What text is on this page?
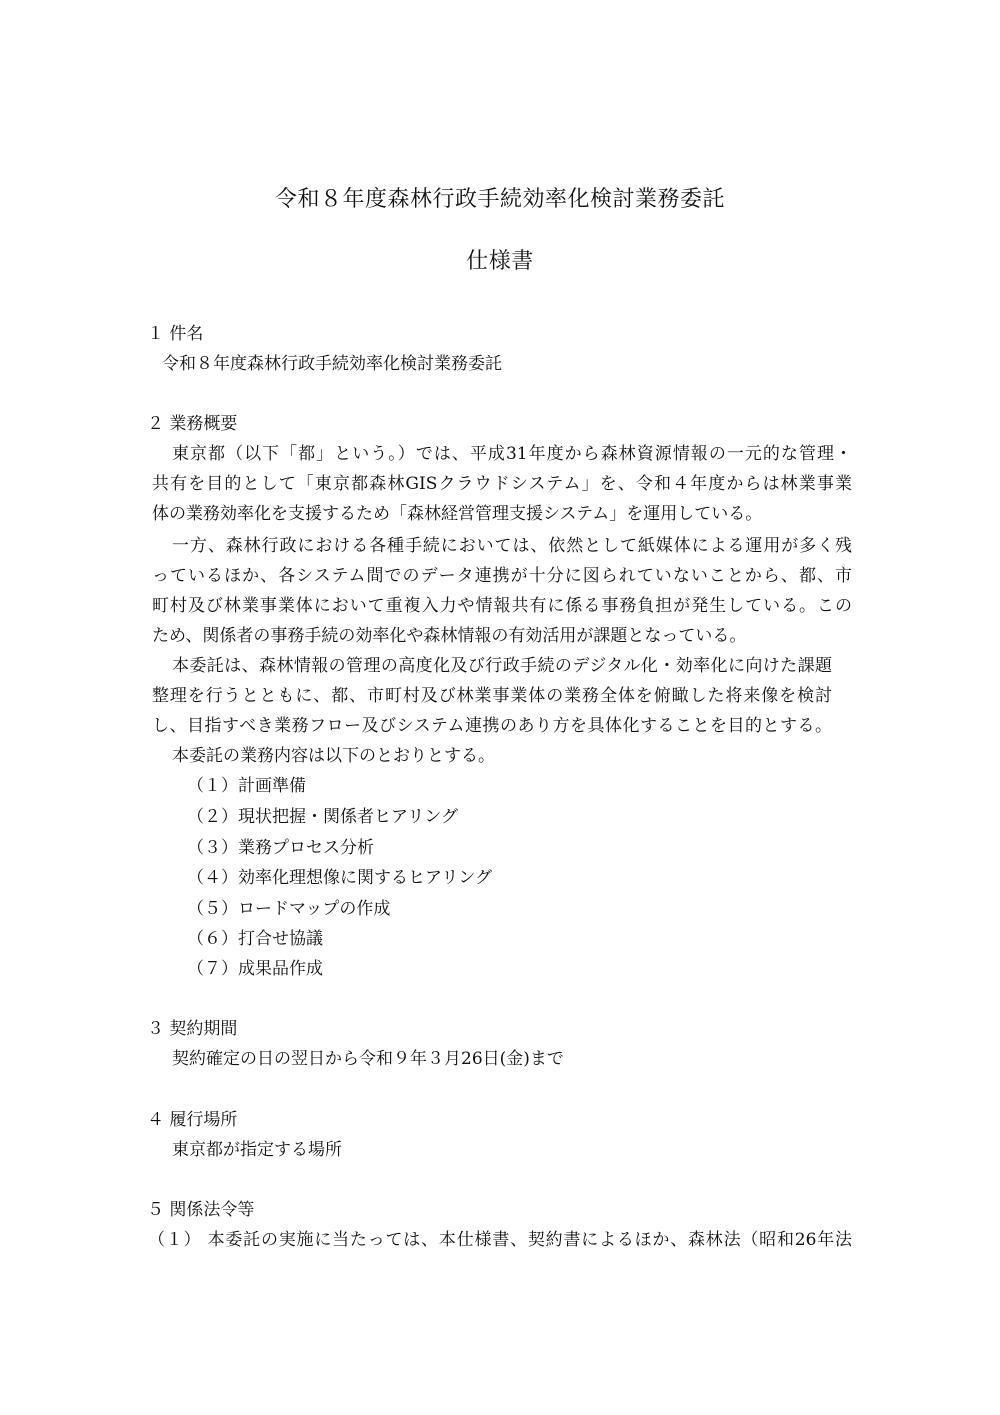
令和８年度森林行政手続効率化検討業務委託
仕様書
１ 件名
令和８年度森林行政手続効率化検討業務委託
２ 業務概要
東京都（以下「都」という。）では、平成31年度から森林資源情報の一元的な管理・
共有を目的として「東京都森林GISクラウドシステム」を、令和４年度からは林業事業
体の業務効率化を支援するため「森林経営管理支援システム」を運用している。
一方、森林行政における各種手続においては、依然として紙媒体による運用が多く残
っているほか、各システム間でのデータ連携が十分に図られていないことから、都、市
町村及び林業事業体において重複入力や情報共有に係る事務負担が発生している。この
ため、関係者の事務手続の効率化や森林情報の有効活用が課題となっている。
本委託は、森林情報の管理の高度化及び行政手続のデジタル化・効率化に向けた課題
整理を行うとともに、都、市町村及び林業事業体の業務全体を俯瞰した将来像を検討
し、目指すべき業務フロー及びシステム連携のあり方を具体化することを目的とする。
本委託の業務内容は以下のとおりとする。
（１）計画準備
（２）現状把握・関係者ヒアリング
（３）業務プロセス分析
（４）効率化理想像に関するヒアリング
（５）ロードマップの作成
（６）打合せ協議
（７）成果品作成
３ 契約期間
契約確定の日の翌日から令和９年３月26日(金)まで
４ 履行場所
東京都が指定する場所
５ 関係法令等
（１） 本委託の実施に当たっては、本仕様書、契約書によるほか、森林法（昭和26年法
